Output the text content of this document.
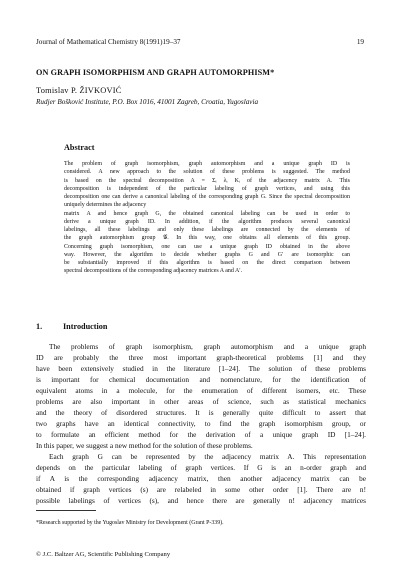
Journal of Mathematical Chemistry 8(1991)19–37	19
ON GRAPH ISOMORPHISM AND GRAPH AUTOMORPHISM*
Tomislav P. ŽIVKOVIĆ
Rudjer Bošković Institute, P.O. Box 1016, 41001 Zagreb, Croatia, Yugoslavia
Abstract
The problem of graph isomorphism, graph automorphism and a unique graph ID is
considered. A new approach to the solution of these problems is suggested. The method
is based on the spectral decomposition A = Σᵢ λᵢ Kᵢ of the adjacency matrix A. This
decomposition is independent of the particular labeling of graph vertices, and using this
decomposition one can derive a canonical labeling of the corresponding graph G. Since the spectral decomposition uniquely determines the adjacency
matrix A and hence graph G, the obtained canonical labeling can be used in order to
derive a unique graph ID. In addition, if the algorithm produces several canonical
labelings, all these labelings and only these labelings are connected by the elements of
the graph automorphism group 𝒢. In this way, one obtains all elements of this group.
Concerning graph isomorphism, one can use a unique graph ID obtained in the above
way. However, the algorithm to decide whether graphs G and G′ are isomorphic can
be substantially improved if this algorithm is based on the direct comparison between
spectral decompositions of the corresponding adjacency matrices A and A′.
1.	Introduction
The problems of graph isomorphism, graph automorphism and a unique graph
ID are probably the three most important graph-theoretical problems [1] and they
have been extensively studied in the literature [1–24]. The solution of these problems
is important for chemical documentation and nomenclature, for the identification of
equivalent atoms in a molecule, for the enumeration of different isomers, etc. These
problems are also important in other areas of science, such as statistical mechanics
and the theory of disordered structures. It is generally quite difficult to assert that
two graphs have an identical connectivity, to find the graph isomorphism group, or
to formulate an efficient method for the derivation of a unique graph ID [1–24].
In this paper, we suggest a new method for the solution of these problems.
Each graph G can be represented by the adjacency matrix A. This representation
depends on the particular labeling of graph vertices. If G is an n-order graph and
if A is the corresponding adjacency matrix, then another adjacency matrix can be
obtained if graph vertices (s) are relabeled in some other order [1]. There are n!
possible labelings of vertices (s), and hence there are generally n! adjacency matrices
*Research supported by the Yugoslav Ministry for Development (Grant P-339).
© J.C. Baltzer AG, Scientific Publishing Company
